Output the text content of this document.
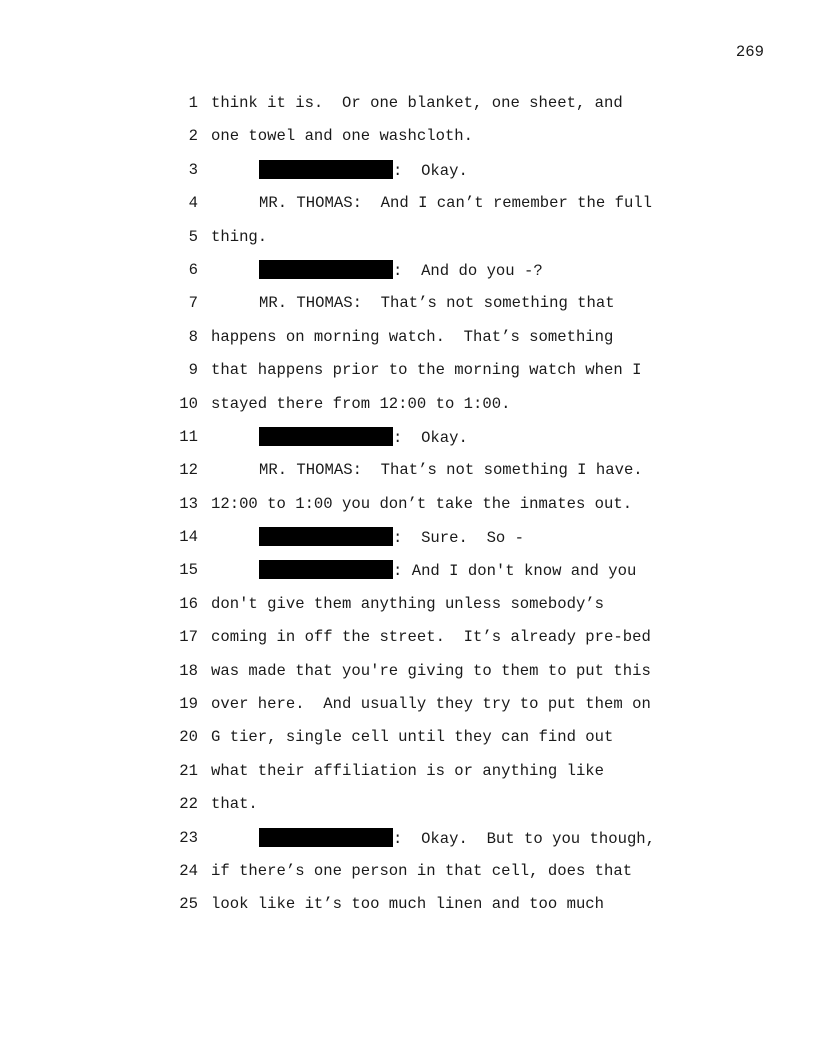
269
1 think it is.  Or one blanket, one sheet, and
2 one towel and one washcloth.
3	:  Okay.
4	MR. THOMAS:  And I can’t remember the full
5 thing.
6	:  And do you -?
7	MR. THOMAS:  That’s not something that
8 happens on morning watch.  That’s something
9 that happens prior to the morning watch when I
10 stayed there from 12:00 to 1:00.
11	:  Okay.
12	MR. THOMAS:  That’s not something I have.
13 12:00 to 1:00 you don’t take the inmates out.
14	:  Sure.  So -
15	: And I don't know and you
16 don't give them anything unless somebody’s
17 coming in off the street.  It’s already pre-bed
18 was made that you're giving to them to put this
19 over here.  And usually they try to put them on
20 G tier, single cell until they can find out
21 what their affiliation is or anything like
22 that.
23	:  Okay.  But to you though,
24 if there’s one person in that cell, does that
25 look like it’s too much linen and too much
